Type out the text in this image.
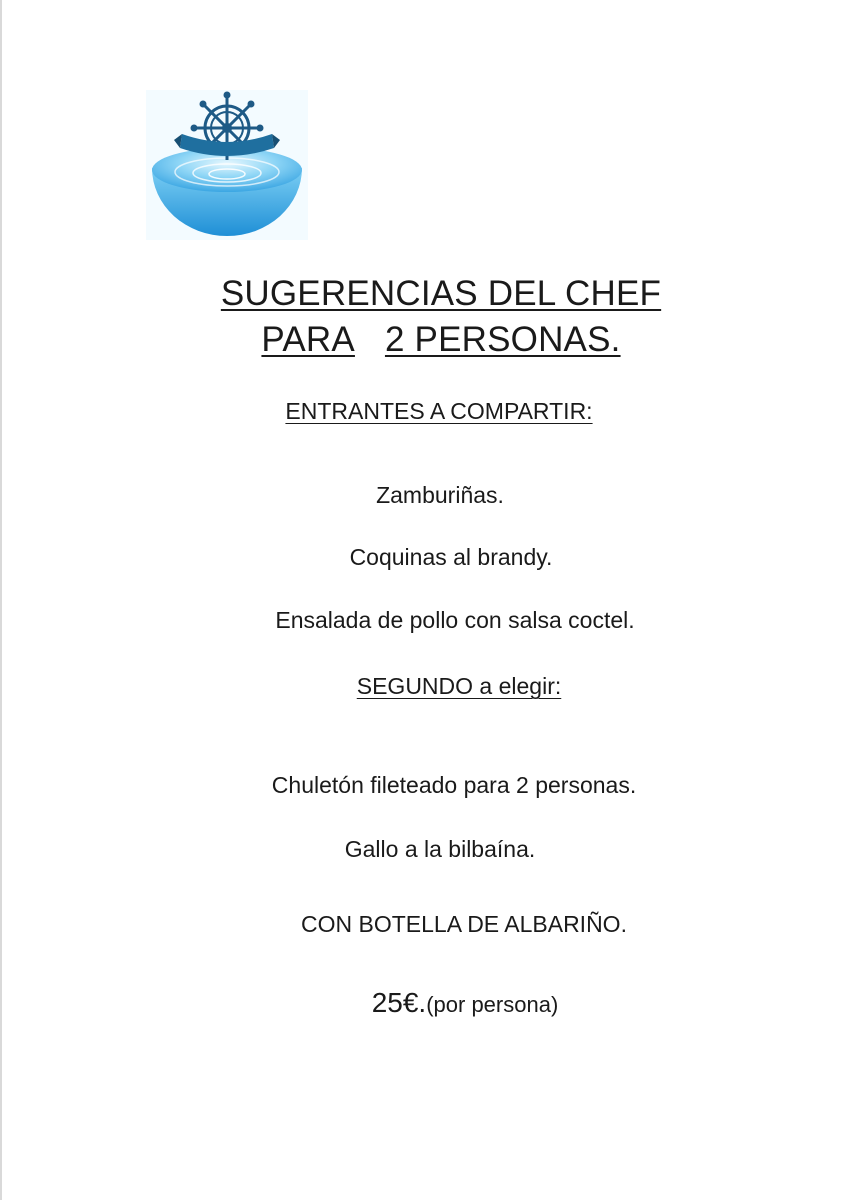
SUGERENCIAS DEL CHEF
PARA 2 PERSONAS.
ENTRANTES A COMPARTIR:
Zamburiñas.
Coquinas al brandy.
Ensalada de pollo con salsa coctel.
SEGUNDO a elegir:
Chuletón fileteado para 2 personas.
Gallo a la bilbaína.
CON BOTELLA DE ALBARIÑO.
25€.(por persona)
